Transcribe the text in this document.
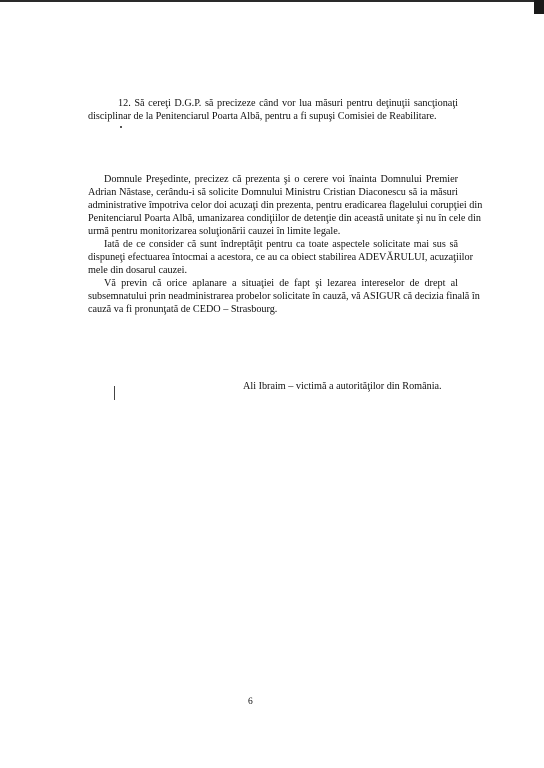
12. Să cereţi D.G.P. să precizeze când vor lua măsuri pentru deţinuţii sancţionaţi
disciplinar de la Penitenciarul Poarta Albă, pentru a fi supuşi Comisiei de Reabilitare.
Domnule Preşedinte, precizez că prezenta şi o cerere voi înainta Domnului Premier
Adrian Năstase, cerându-i să solicite Domnului Ministru Cristian Diaconescu să ia măsuri
administrative împotriva celor doi acuzaţi din prezenta, pentru eradicarea flagelului corupţiei din
Penitenciarul Poarta Albă, umanizarea condiţiilor de detenţie din această unitate şi nu în cele din
urmă pentru monitorizarea soluţionării cauzei în limite legale.
Iată de ce consider că sunt îndreptăţit pentru ca toate aspectele solicitate mai sus să
dispuneţi efectuarea întocmai a acestora, ce au ca obiect stabilirea ADEVĂRULUI, acuzaţiilor
mele din dosarul cauzei.
Vă previn că orice aplanare a situaţiei de fapt şi lezarea intereselor de drept al
subsemnatului prin neadministrarea probelor solicitate în cauză, vă ASIGUR că decizia finală în
cauză va fi pronunţată de CEDO – Strasbourg.
Ali Ibraim – victimă a autorităţilor din România.
6
